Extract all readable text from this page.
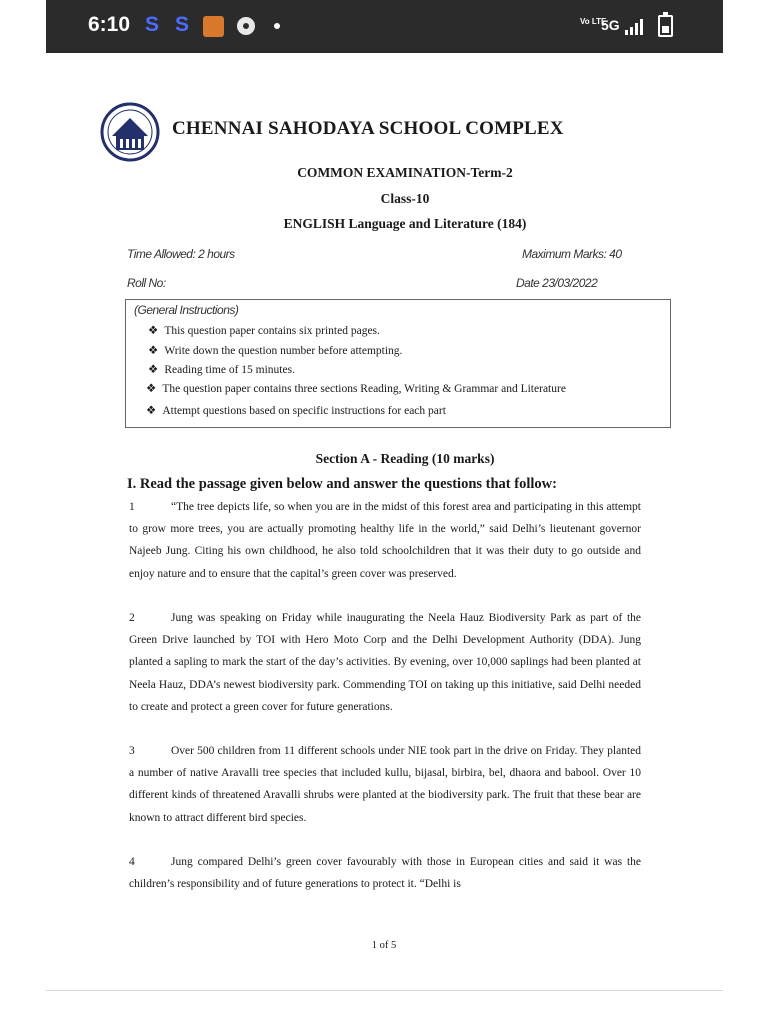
6:10 S S	Vo LTE
5G
CHENNAI SAHODAYA SCHOOL COMPLEX
COMMON EXAMINATION-Term-2
Class-10
ENGLISH Language and Literature (184)
Time Allowed: 2 hours	Maximum Marks: 40
Roll No:	Date 23/03/2022
(General Instructions)
❖ This question paper contains six printed pages.
❖ Write down the question number before attempting.
❖ Reading time of 15 minutes.
❖ The question paper contains three sections Reading, Writing & Grammar and Literature
❖ Attempt questions based on specific instructions for each part
Section A - Reading (10 marks)
I. Read the passage given below and answer the questions that follow:
1	“The tree depicts life, so when you are in the midst of this forest area and participating in this attempt to grow more trees, you are actually promoting healthy life in the world,” said Delhi’s lieutenant governor Najeeb Jung. Citing his own childhood, he also told schoolchildren that it was their duty to go outside and enjoy nature and to ensure that the capital’s green cover was preserved.
2	Jung was speaking on Friday while inaugurating the Neela Hauz Biodiversity Park as part of the Green Drive launched by TOI with Hero Moto Corp and the Delhi Development Authority (DDA). Jung planted a sapling to mark the start of the day’s activities. By evening, over 10,000 saplings had been planted at Neela Hauz, DDA’s newest biodiversity park. Commending TOI on taking up this initiative, said Delhi needed to create and protect a green cover for future generations.
3	Over 500 children from 11 different schools under NIE took part in the drive on Friday. They planted a number of native Aravalli tree species that included kullu, bijasal, birbira, bel, dhaora and babool. Over 10 different kinds of threatened Aravalli shrubs were planted at the biodiversity park. The fruit that these bear are known to attract different bird species.
4	Jung compared Delhi’s green cover favourably with those in European cities and said it was the children’s responsibility and of future generations to protect it. “Delhi is
1 of 5
